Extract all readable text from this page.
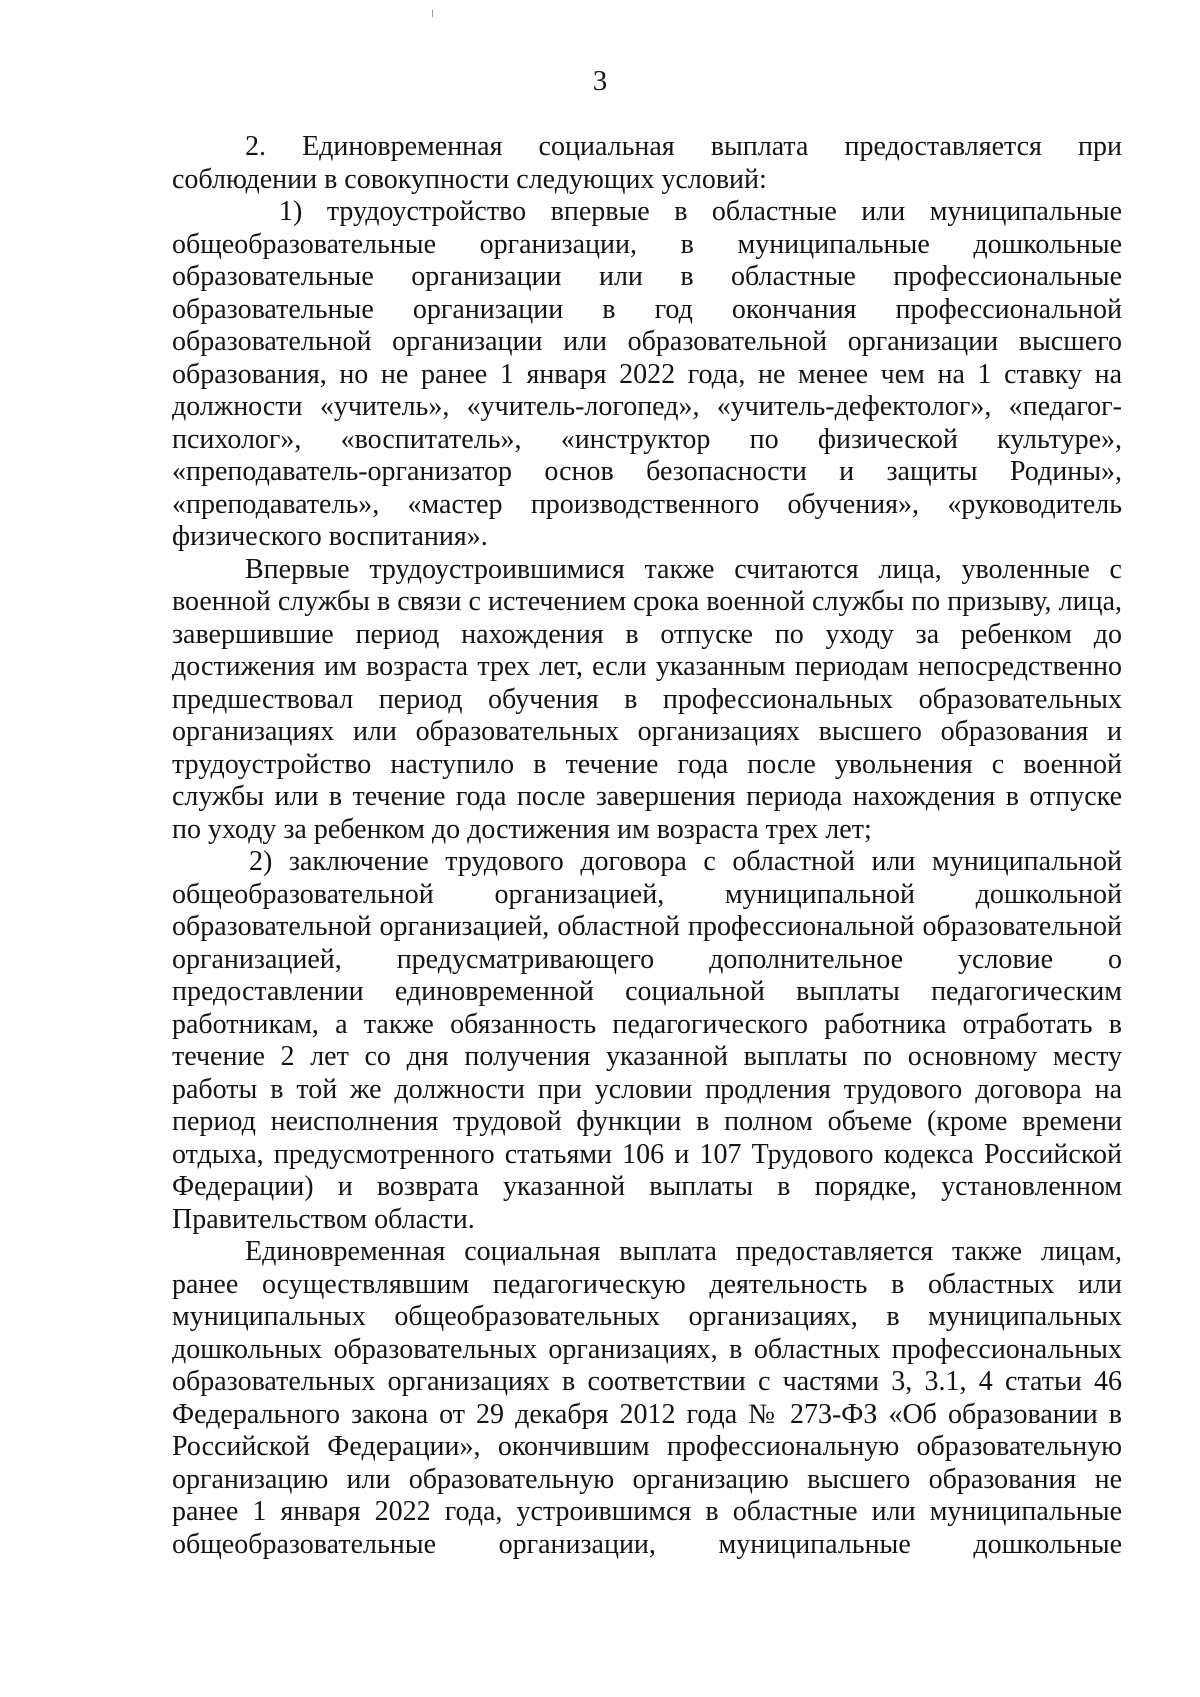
3

2. Единовременная социальная выплата предоставляется при соблюдении в совокупности следующих условий:

1) трудоустройство впервые в областные или муниципальные общеобразовательные организации, в муниципальные дошкольные образовательные организации или в областные профессиональные образовательные организации в год окончания профессиональной образовательной организации или образовательной организации высшего образования, но не ранее 1 января 2022 года, не менее чем на 1 ставку на должности «учитель», «учитель-логопед», «учитель-дефектолог», «педагог-психолог», «воспитатель», «инструктор по физической культуре», «преподаватель-организатор основ безопасности и защиты Родины», «преподаватель», «мастер производственного обучения», «руководитель физического воспитания».

Впервые трудоустроившимися также считаются лица, уволенные с военной службы в связи с истечением срока военной службы по призыву, лица, завершившие период нахождения в отпуске по уходу за ребенком до достижения им возраста трех лет, если указанным периодам непосредственно предшествовал период обучения в профессиональных образовательных организациях или образовательных организациях высшего образования и трудоустройство наступило в течение года после увольнения с военной службы или в течение года после завершения периода нахождения в отпуске по уходу за ребенком до достижения им возраста трех лет;

2) заключение трудового договора с областной или муниципальной общеобразовательной организацией, муниципальной дошкольной образовательной организацией, областной профессиональной образовательной организацией, предусматривающего дополнительное условие о предоставлении единовременной социальной выплаты педагогическим работникам, а также обязанность педагогического работника отработать в течение 2 лет со дня получения указанной выплаты по основному месту работы в той же должности при условии продления трудового договора на период неисполнения трудовой функции в полном объеме (кроме времени отдыха, предусмотренного статьями 106 и 107 Трудового кодекса Российской Федерации) и возврата указанной выплаты в порядке, установленном Правительством области.

Единовременная социальная выплата предоставляется также лицам, ранее осуществлявшим педагогическую деятельность в областных или муниципальных общеобразовательных организациях, в муниципальных дошкольных образовательных организациях, в областных профессиональных образовательных организациях в соответствии с частями 3, 3.1, 4 статьи 46 Федерального закона от 29 декабря 2012 года № 273-ФЗ «Об образовании в Российской Федерации», окончившим профессиональную образовательную организацию или образовательную организацию высшего образования не ранее 1 января 2022 года, устроившимся в областные или муниципальные общеобразовательные организации, муниципальные дошкольные
